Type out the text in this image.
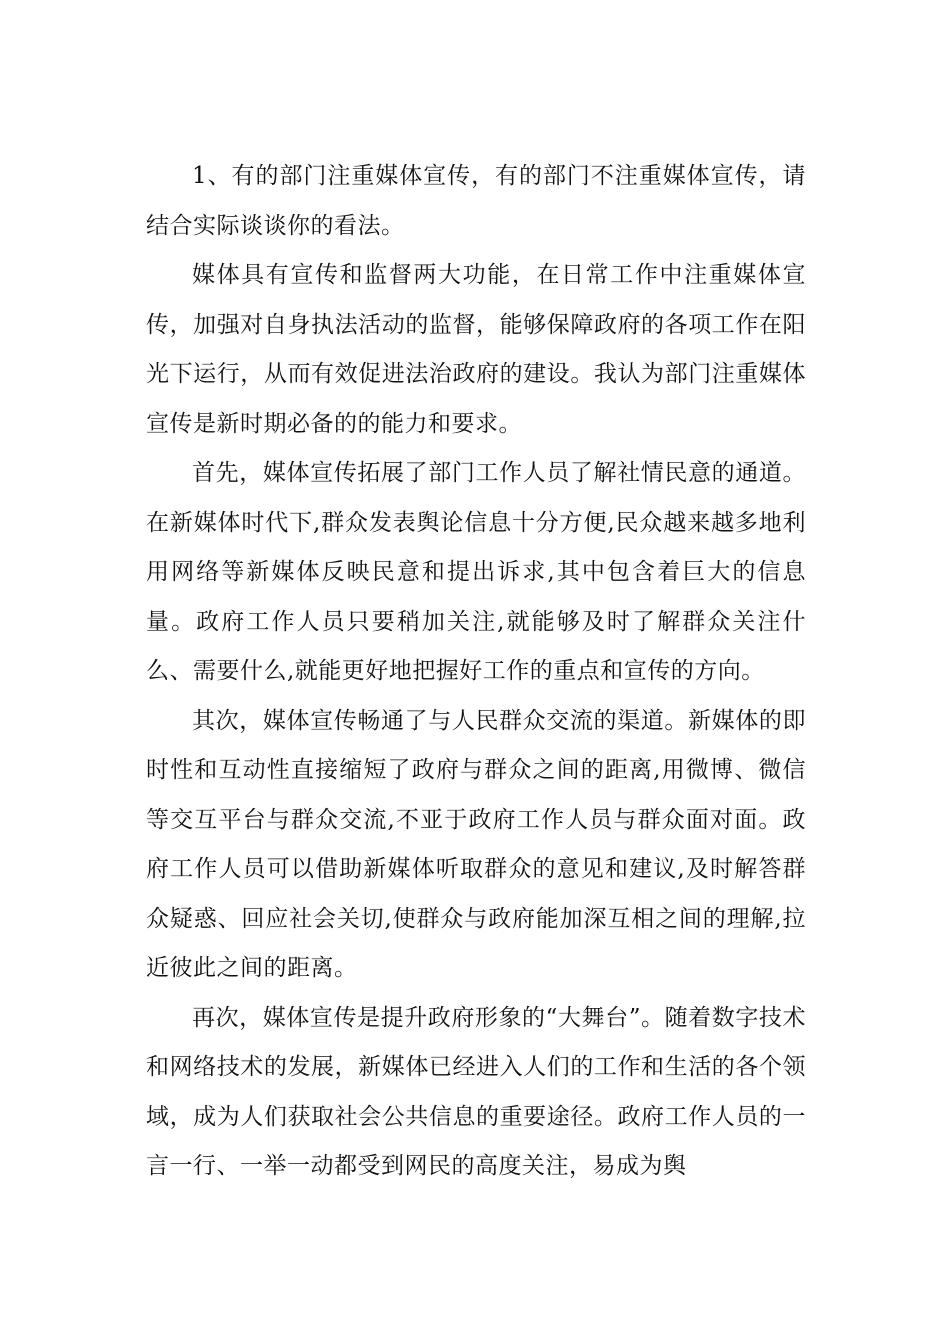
1、有的部门注重媒体宣传，有的部门不注重媒体宣传，请结合实际谈谈你的看法。

媒体具有宣传和监督两大功能，在日常工作中注重媒体宣传，加强对自身执法活动的监督，能够保障政府的各项工作在阳光下运行，从而有效促进法治政府的建设。我认为部门注重媒体宣传是新时期必备的的能力和要求。

首先，媒体宣传拓展了部门工作人员了解社情民意的通道。在新媒体时代下,群众发表舆论信息十分方便,民众越来越多地利用网络等新媒体反映民意和提出诉求,其中包含着巨大的信息量。政府工作人员只要稍加关注,就能够及时了解群众关注什么、需要什么,就能更好地把握好工作的重点和宣传的方向。

其次，媒体宣传畅通了与人民群众交流的渠道。新媒体的即时性和互动性直接缩短了政府与群众之间的距离,用微博、微信等交互平台与群众交流,不亚于政府工作人员与群众面对面。政府工作人员可以借助新媒体听取群众的意见和建议,及时解答群众疑惑、回应社会关切,使群众与政府能加深互相之间的理解,拉近彼此之间的距离。

再次，媒体宣传是提升政府形象的“大舞台”。随着数字技术和网络技术的发展，新媒体已经进入人们的工作和生活的各个领域，成为人们获取社会公共信息的重要途径。政府工作人员的一言一行、一举一动都受到网民的高度关注，易成为舆
